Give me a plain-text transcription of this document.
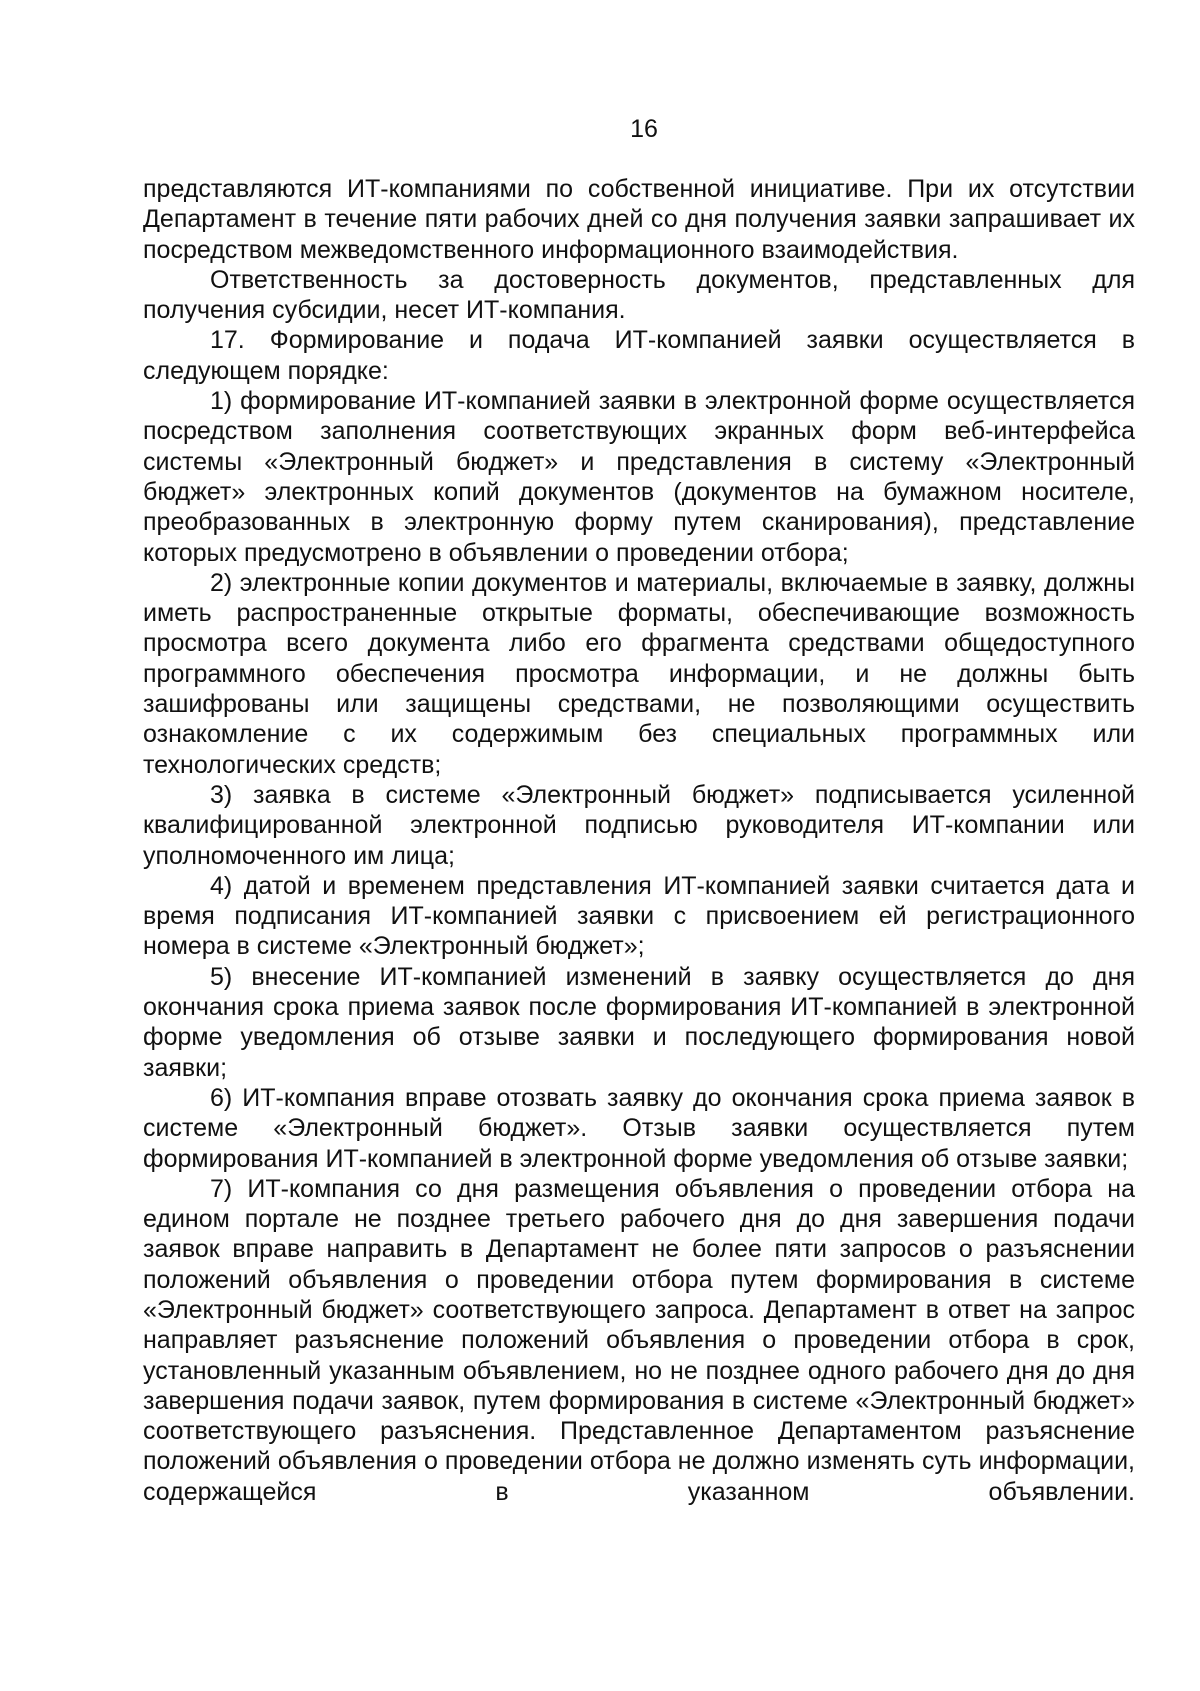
16

представляются ИТ-компаниями по собственной инициативе. При их отсутствии Департамент в течение пяти рабочих дней со дня получения заявки запрашивает их посредством межведомственного информационного взаимодействия.

Ответственность за достоверность документов, представленных для получения субсидии, несет ИТ-компания.

17. Формирование и подача ИТ-компанией заявки осуществляется в следующем порядке:

1) формирование ИТ-компанией заявки в электронной форме осуществляется посредством заполнения соответствующих экранных форм веб-интерфейса системы «Электронный бюджет» и представления в систему «Электронный бюджет» электронных копий документов (документов на бумажном носителе, преобразованных в электронную форму путем сканирования), представление которых предусмотрено в объявлении о проведении отбора;

2) электронные копии документов и материалы, включаемые в заявку, должны иметь распространенные открытые форматы, обеспечивающие возможность просмотра всего документа либо его фрагмента средствами общедоступного программного обеспечения просмотра информации, и не должны быть зашифрованы или защищены средствами, не позволяющими осуществить ознакомление с их содержимым без специальных программных или технологических средств;

3) заявка в системе «Электронный бюджет» подписывается усиленной квалифицированной электронной подписью руководителя ИТ-компании или уполномоченного им лица;

4) датой и временем представления ИТ-компанией заявки считается дата и время подписания ИТ-компанией заявки с присвоением ей регистрационного номера в системе «Электронный бюджет»;

5) внесение ИТ-компанией изменений в заявку осуществляется до дня окончания срока приема заявок после формирования ИТ-компанией в электронной форме уведомления об отзыве заявки и последующего формирования новой заявки;

6) ИТ-компания вправе отозвать заявку до окончания срока приема заявок в системе «Электронный бюджет». Отзыв заявки осуществляется путем формирования ИТ-компанией в электронной форме уведомления об отзыве заявки;

7) ИТ-компания со дня размещения объявления о проведении отбора на едином портале не позднее третьего рабочего дня до дня завершения подачи заявок вправе направить в Департамент не более пяти запросов о разъяснении положений объявления о проведении отбора путем формирования в системе «Электронный бюджет» соответствующего запроса. Департамент в ответ на запрос направляет разъяснение положений объявления о проведении отбора в срок, установленный указанным объявлением, но не позднее одного рабочего дня до дня завершения подачи заявок, путем формирования в системе «Электронный бюджет» соответствующего разъяснения. Представленное Департаментом разъяснение положений объявления о проведении отбора не должно изменять суть информации, содержащейся в указанном объявлении.
